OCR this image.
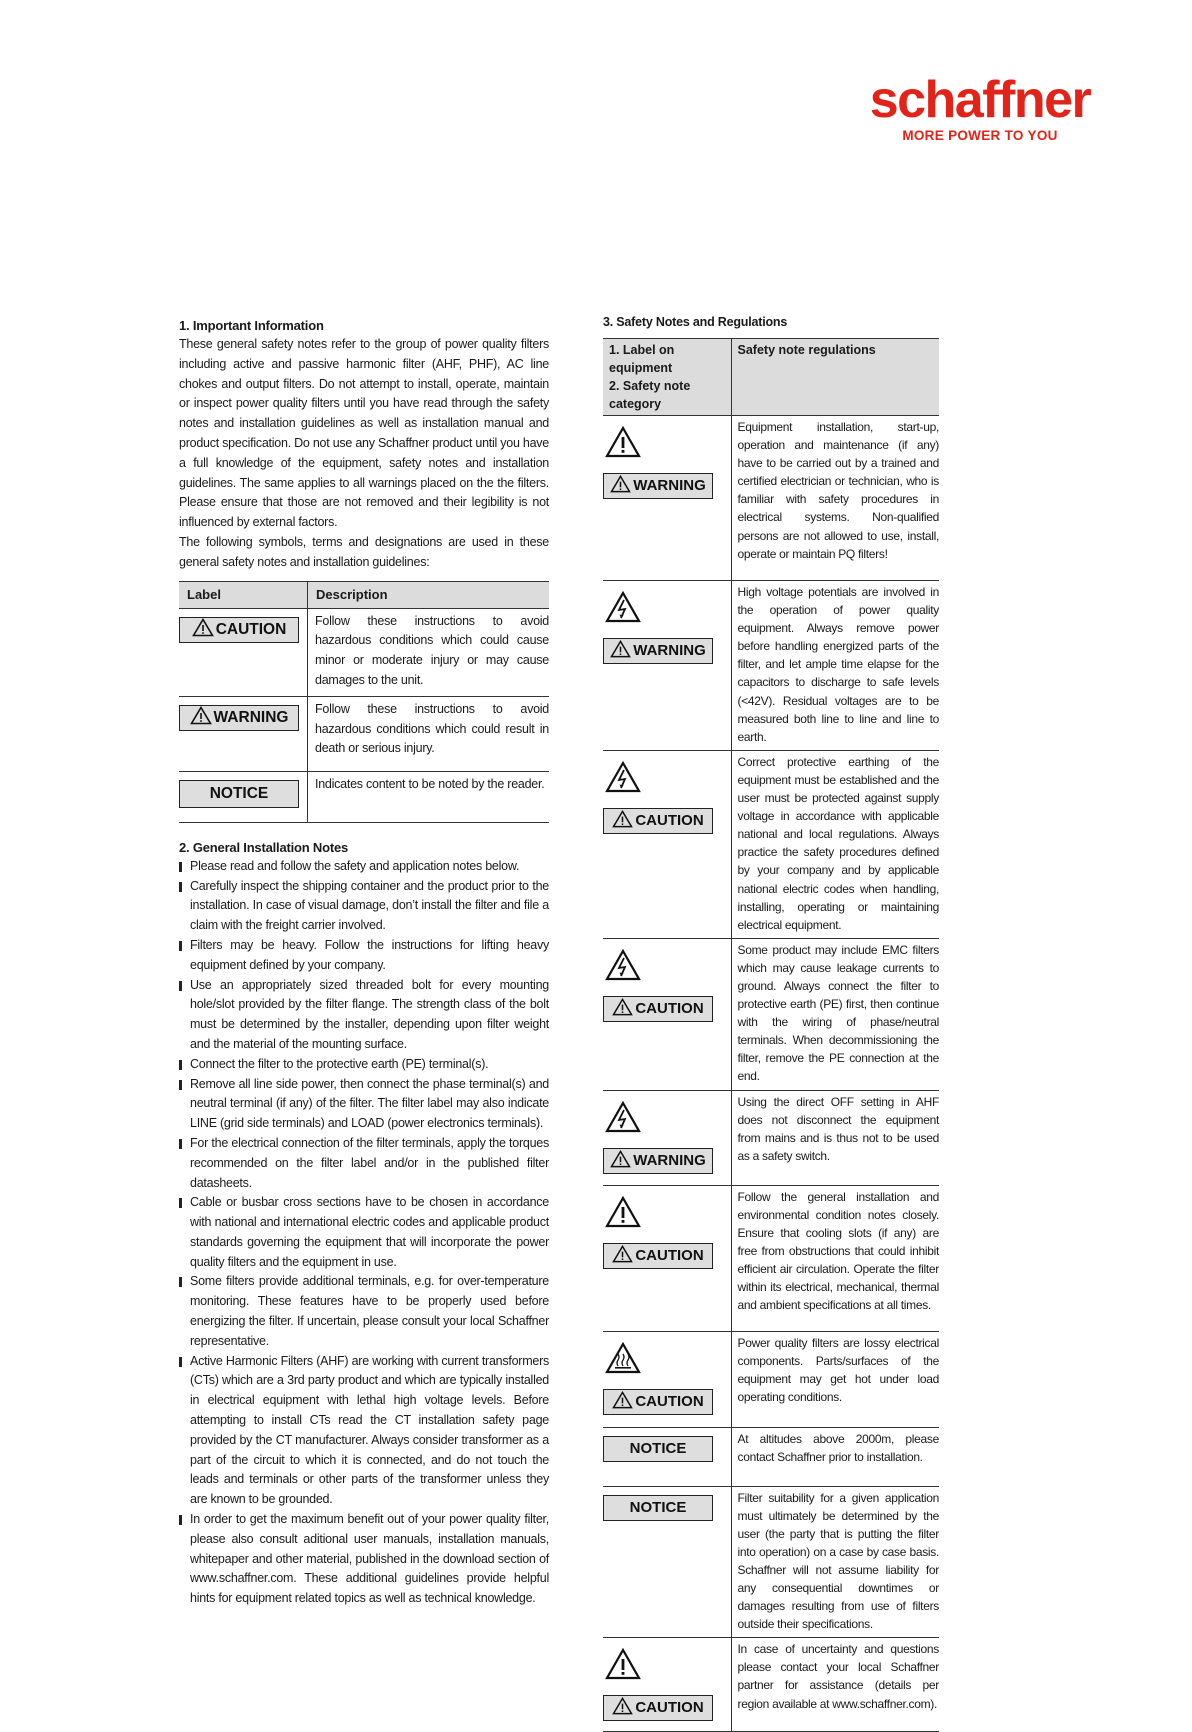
schaffner
MORE POWER TO YOU

1. Important Information

These general safety notes refer to the group of power quality filters including active and passive harmonic filter (AHF, PHF), AC line chokes and output filters. Do not attempt to install, operate, maintain or inspect power quality filters until you have read through the safety notes and installation guidelines as well as installation manual and product specification. Do not use any Schaffner product until you have a full knowledge of the equipment, safety notes and installation guidelines. The same applies to all warnings placed on the the filters. Please ensure that those are not removed and their legibility is not influenced by external factors.

The following symbols, terms and designations are used in these general safety notes and installation guidelines:

Label	Description
CAUTION	Follow these instructions to avoid hazardous conditions which could cause minor or moderate injury or may cause damages to the unit.
WARNING	Follow these instructions to avoid hazardous conditions which could result in death or serious injury.
NOTICE	Indicates content to be noted by the reader.

2. General Installation Notes

Please read and follow the safety and application notes below.
Carefully inspect the shipping container and the product prior to the installation. In case of visual damage, don’t install the filter and file a claim with the freight carrier involved.
Filters may be heavy. Follow the instructions for lifting heavy equipment defined by your company.
Use an appropriately sized threaded bolt for every mounting hole/slot provided by the filter flange. The strength class of the bolt must be determined by the installer, depending upon filter weight and the material of the mounting surface.
Connect the filter to the protective earth (PE) terminal(s).
Remove all line side power, then connect the phase terminal(s) and neutral terminal (if any) of the filter. The filter label may also indicate LINE (grid side terminals) and LOAD (power electronics terminals).
For the electrical connection of the filter terminals, apply the torques recommended on the filter label and/or in the published filter datasheets.
Cable or busbar cross sections have to be chosen in accordance with national and international electric codes and applicable product standards governing the equipment that will incorporate the power quality filters and the equipment in use.
Some filters provide additional terminals, e.g. for over-temperature monitoring. These features have to be properly used before energizing the filter. If uncertain, please consult your local Schaffner representative.
Active Harmonic Filters (AHF) are working with current transformers (CTs) which are a 3rd party product and which are typically installed in electrical equipment with lethal high voltage levels. Before attempting to install CTs read the CT installation safety page provided by the CT manufacturer. Always consider transformer as a part of the circuit to which it is connected, and do not touch the leads and terminals or other parts of the transformer unless they are known to be grounded.
In order to get the maximum benefit out of your power quality filter, please also consult aditional user manuals, installation manuals, whitepaper and other material, published in the download section of www.schaffner.com. These additional guidelines provide helpful hints for equipment related topics as well as technical knowledge.

3. Safety Notes and Regulations

1. Label on equipment
2. Safety note category	Safety note regulations

WARNING	Equipment installation, start-up, operation and maintenance (if any) have to be carried out by a trained and certified electrician or technician, who is familiar with safety procedures in electrical systems. Non-qualified persons are not allowed to use, install, operate or maintain PQ filters!

WARNING	High voltage potentials are involved in the operation of power quality equipment. Always remove power before handling energized parts of the filter, and let ample time elapse for the capacitors to discharge to safe levels (<42V). Residual voltages are to be measured both line to line and line to earth.

CAUTION	Correct protective earthing of the equipment must be established and the user must be protected against supply voltage in accordance with applicable national and local regulations. Always practice the safety procedures defined by your company and by applicable national electric codes when handling, installing, operating or maintaining electrical equipment.

CAUTION	Some product may include EMC filters which may cause leakage currents to ground. Always connect the filter to protective earth (PE) first, then continue with the wiring of phase/neutral terminals. When decommissioning the filter, remove the PE connection at the end.

WARNING	Using the direct OFF setting in AHF does not disconnect the equipment from mains and is thus not to be used as a safety switch.

CAUTION	Follow the general installation and environmental condition notes closely. Ensure that cooling slots (if any) are free from obstructions that could inhibit efficient air circulation. Operate the filter within its electrical, mechanical, thermal and ambient specifications at all times.

CAUTION	Power quality filters are lossy electrical components. Parts/surfaces of the equipment may get hot under load operating conditions.

NOTICE	At altitudes above 2000m, please contact Schaffner prior to installation.

NOTICE	Filter suitability for a given application must ultimately be determined by the user (the party that is putting the filter into operation) on a case by case basis. Schaffner will not assume liability for any consequential downtimes or damages resulting from use of filters outside their specifications.

CAUTION	In case of uncertainty and questions please contact your local Schaffner partner for assistance (details per region available at www.schaffner.com).
